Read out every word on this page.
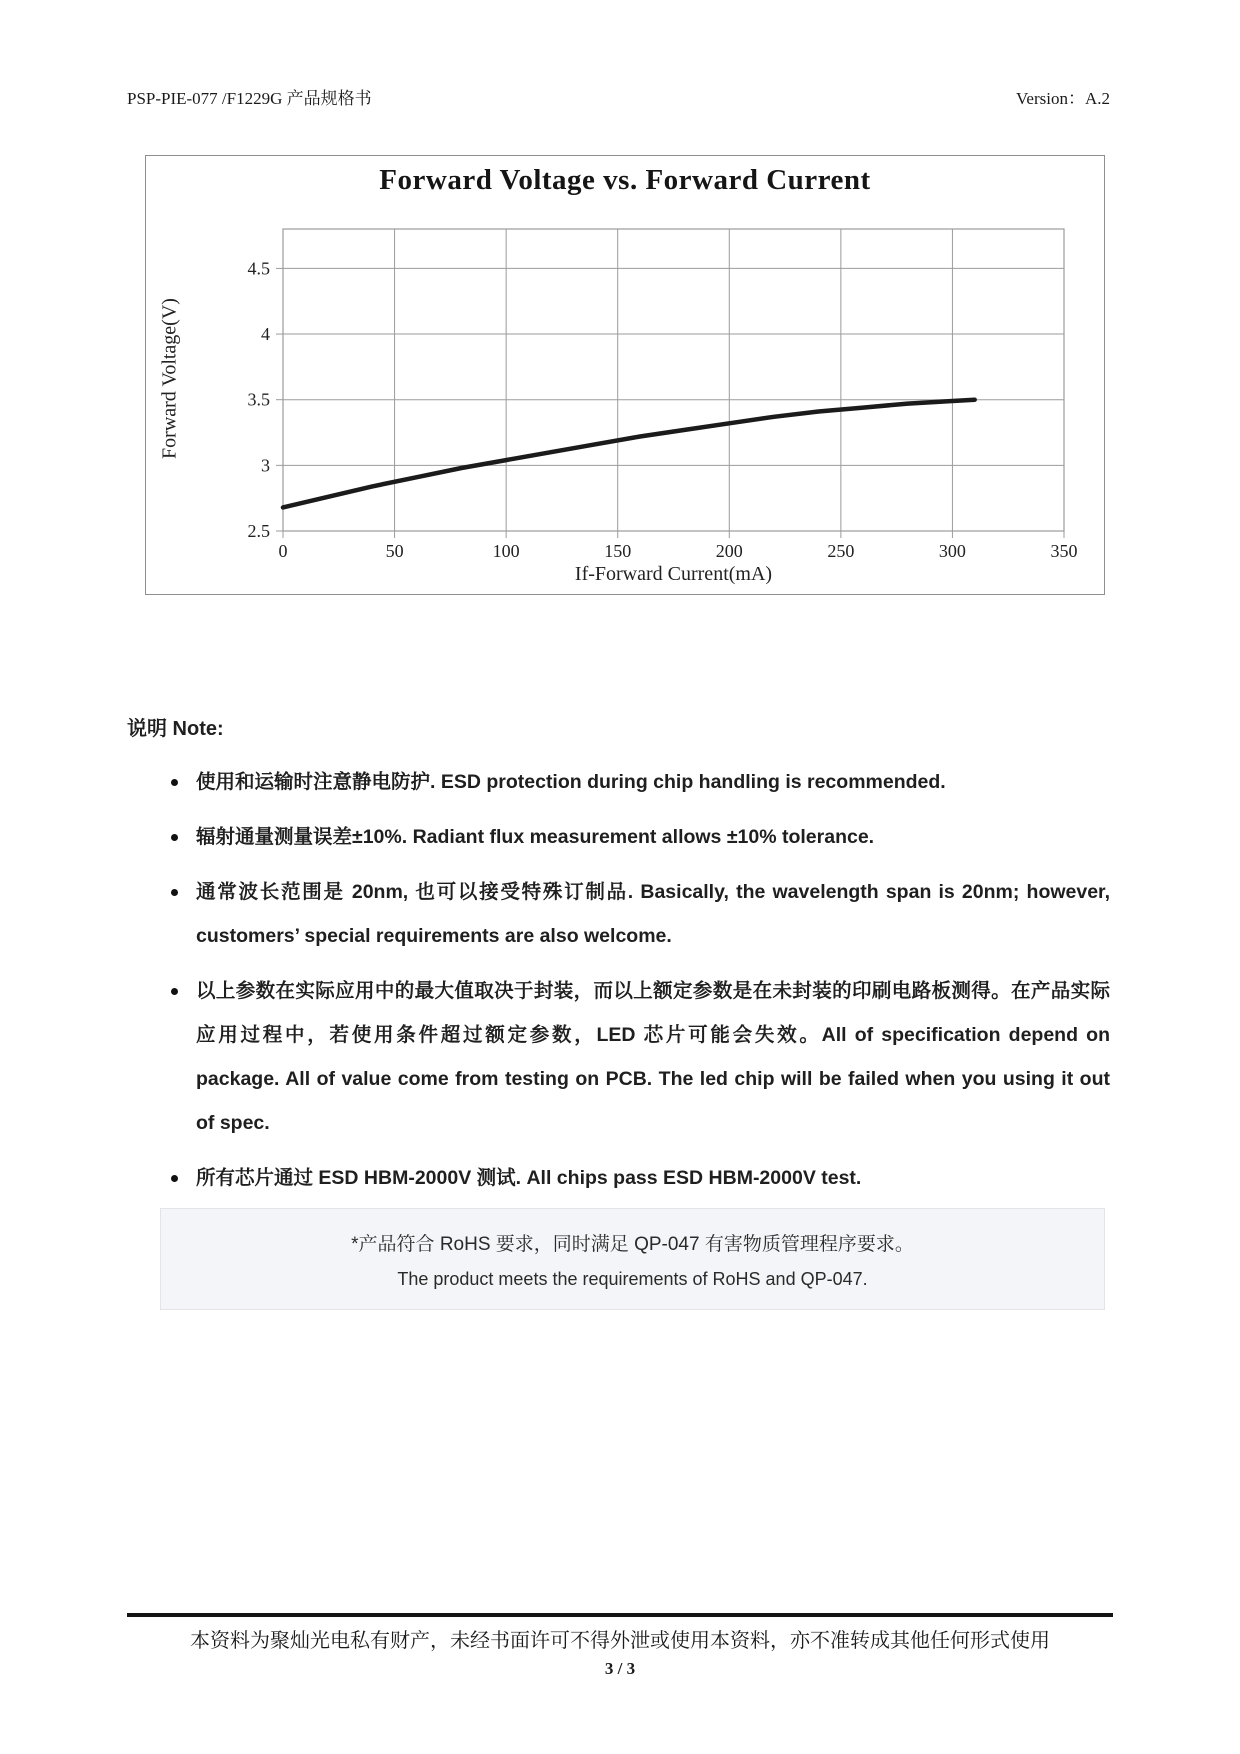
PSP-PIE-077 /F1229G 产品规格书	Version：A.2
Forward Voltage vs. Forward Current
Forward Voltage(V)
2.5
3
3.5
4
4.5
0	50	100	150	200	250	300	350
If-Forward Current(mA)
说明 Note:
使用和运输时注意静电防护. ESD protection during chip handling is recommended.
辐射通量测量误差±10%. Radiant flux measurement allows ±10% tolerance.
通常波长范围是 20nm, 也可以接受特殊订制品. Basically, the wavelength span is 20nm; however, customers’ special requirements are also welcome.
以上参数在实际应用中的最大值取决于封装，而以上额定参数是在未封装的印刷电路板测得。在产品实际应用过程中，若使用条件超过额定参数，LED 芯片可能会失效。All of specification depend on package. All of value come from testing on PCB. The led chip will be failed when you using it out of spec.
所有芯片通过 ESD HBM-2000V 测试. All chips pass ESD HBM-2000V test.
*产品符合 RoHS 要求，同时满足 QP-047 有害物质管理程序要求。
The product meets the requirements of RoHS and QP-047.
本资料为聚灿光电私有财产，未经书面许可不得外泄或使用本资料，亦不准转成其他任何形式使用
3 / 3
